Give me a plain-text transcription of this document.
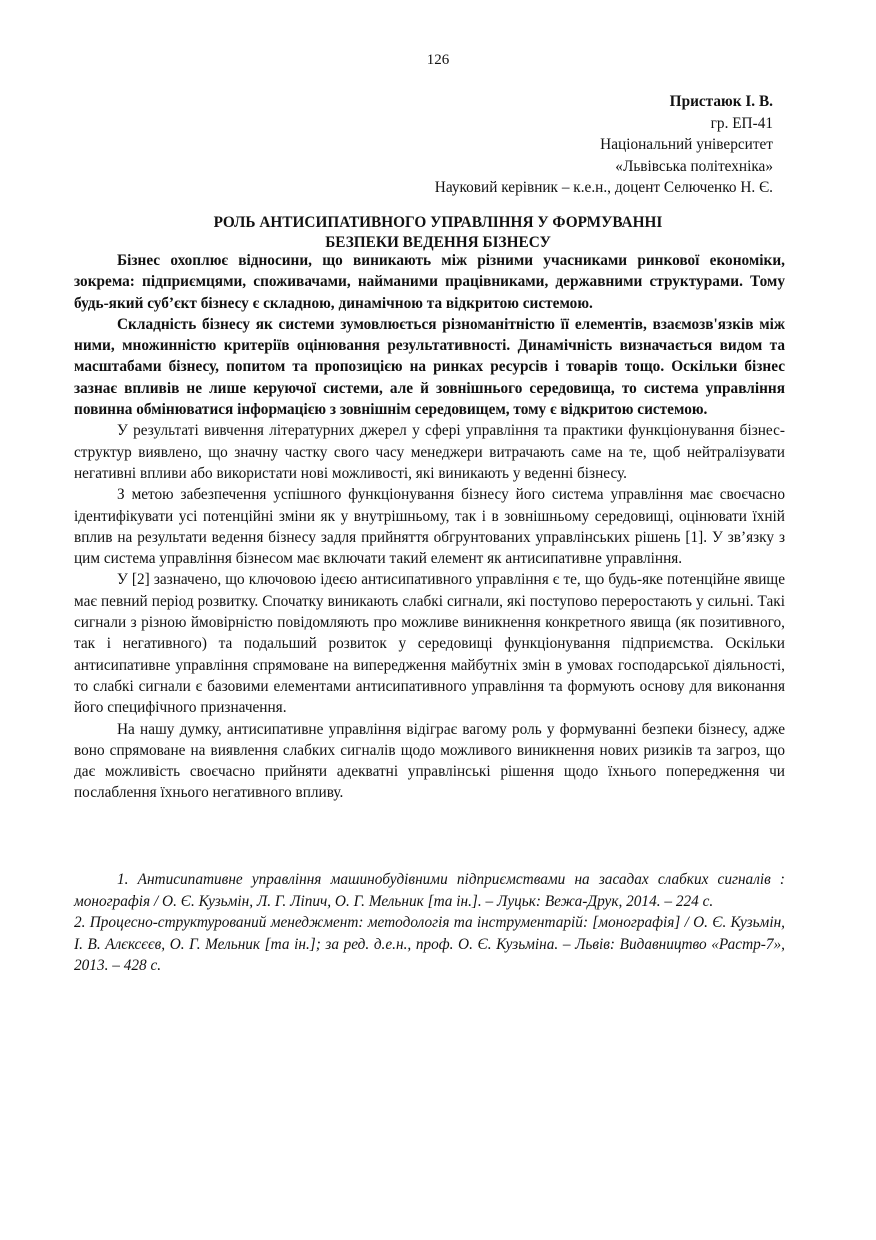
126
Пристаюк І. В.
гр. ЕП-41
Національний університет
«Львівська політехніка»
Науковий керівник – к.е.н., доцент Селюченко Н. Є.
РОЛЬ АНТИСИПАТИВНОГО УПРАВЛІННЯ У ФОРМУВАННІ
БЕЗПЕКИ ВЕДЕННЯ БІЗНЕСУ

Бізнес охоплює відносини, що виникають між різними учасниками ринкової економіки, зокрема: підприємцями, споживачами, найманими працівниками, державними структурами. Тому будь-який суб’єкт бізнесу є складною, динамічною та відкритою системою.

Складність бізнесу як системи зумовлюється різноманітністю її елементів, взаємозв'язків між ними, множинністю критеріїв оцінювання результативності. Динамічність визначається видом та масштабами бізнесу, попитом та пропозицією на ринках ресурсів і товарів тощо. Оскільки бізнес зазнає впливів не лише керуючої системи, але й зовнішнього середовища, то система управління повинна обмінюватися інформацією з зовнішнім середовищем, тому є відкритою системою.

У результаті вивчення літературних джерел у сфері управління та практики функціонування бізнес-структур виявлено, що значну частку свого часу менеджери витрачають саме на те, щоб нейтралізувати негативні впливи або використати нові можливості, які виникають у веденні бізнесу.

З метою забезпечення успішного функціонування бізнесу його система управління має своєчасно ідентифікувати усі потенційні зміни як у внутрішньому, так і в зовнішньому середовищі, оцінювати їхній вплив на результати ведення бізнесу задля прийняття обгрунтованих управлінських рішень [1]. У зв’язку з цим система управління бізнесом має включати такий елемент як антисипативне управління.

У [2] зазначено, що ключовою ідеєю антисипативного управління є те, що будь-яке потенційне явище має певний період розвитку. Спочатку виникають слабкі сигнали, які поступово переростають у сильні. Такі сигнали з різною ймовірністю повідомляють про можливе виникнення конкретного явища (як позитивного, так і негативного) та подальший розвиток у середовищі функціонування підприємства. Оскільки антисипативне управління спрямоване на випередження майбутніх змін в умовах господарської діяльності, то слабкі сигнали є базовими елементами антисипативного управління та формують основу для виконання його специфічного призначення.

На нашу думку, антисипативне управління відіграє вагому роль у формуванні безпеки бізнесу, адже воно спрямоване на виявлення слабких сигналів щодо можливого виникнення нових ризиків та загроз, що дає можливість своєчасно прийняти адекватні управлінські рішення щодо їхнього попередження чи послаблення їхнього негативного впливу.

1. Антисипативне управління машинобудівними підприємствами на засадах слабких сигналів : монографія / О. Є. Кузьмін, Л. Г. Ліпич, О. Г. Мельник [та ін.]. – Луцьк: Вежа-Друк, 2014. – 224 с.

2. Процесно-структурований менеджмент: методологія та інструментарій: [монографія] / О. Є. Кузьмін, І. В. Алєксєєв, О. Г. Мельник [та ін.]; за ред. д.е.н., проф. О. Є. Кузьміна. – Львів: Видавництво «Растр-7», 2013. – 428 с.
